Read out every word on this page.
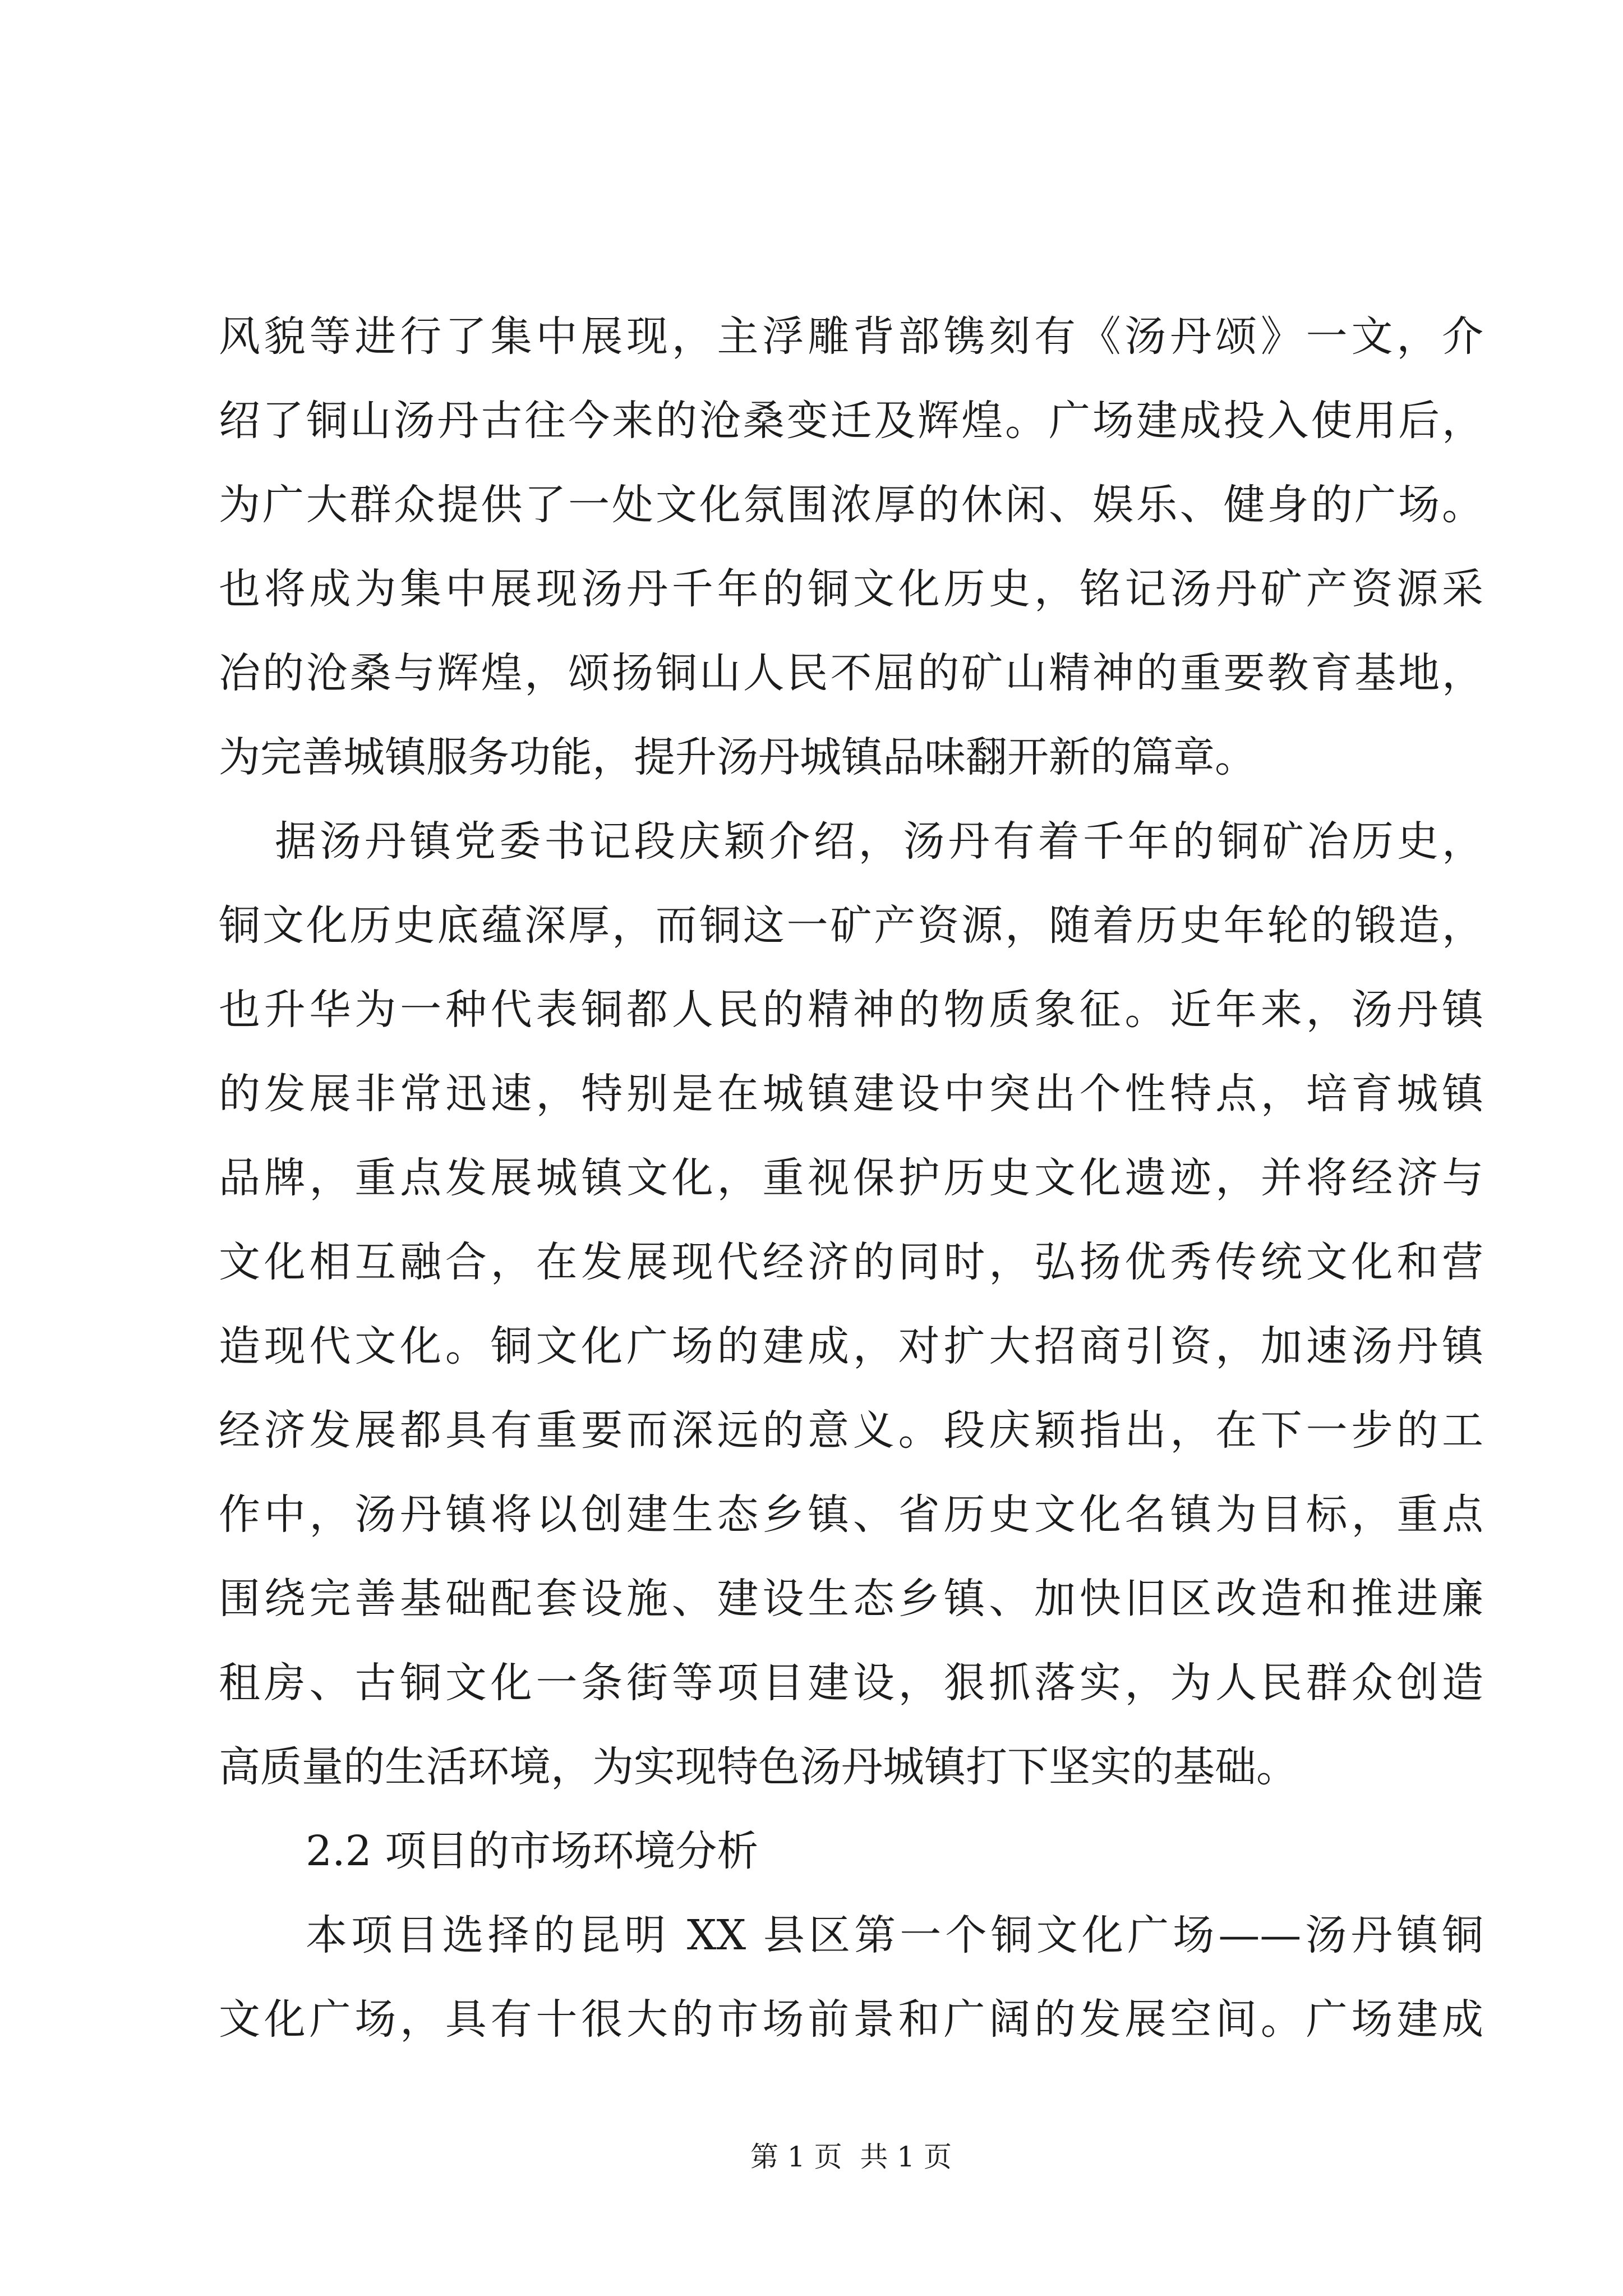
风貌等进行了集中展现，主浮雕背部镌刻有《汤丹颂》一文，介
绍了铜山汤丹古往今来的沧桑变迁及辉煌。广场建成投入使用后，
为广大群众提供了一处文化氛围浓厚的休闲、娱乐、健身的广场。
也将成为集中展现汤丹千年的铜文化历史，铭记汤丹矿产资源采
冶的沧桑与辉煌，颂扬铜山人民不屈的矿山精神的重要教育基地，
为完善城镇服务功能，提升汤丹城镇品味翻开新的篇章。
据汤丹镇党委书记段庆颖介绍，汤丹有着千年的铜矿冶历史，
铜文化历史底蕴深厚，而铜这一矿产资源，随着历史年轮的锻造，
也升华为一种代表铜都人民的精神的物质象征。近年来，汤丹镇
的发展非常迅速，特别是在城镇建设中突出个性特点，培育城镇
品牌，重点发展城镇文化，重视保护历史文化遗迹，并将经济与
文化相互融合，在发展现代经济的同时，弘扬优秀传统文化和营
造现代文化。铜文化广场的建成，对扩大招商引资，加速汤丹镇
经济发展都具有重要而深远的意义。段庆颖指出，在下一步的工
作中，汤丹镇将以创建生态乡镇、省历史文化名镇为目标，重点
围绕完善基础配套设施、建设生态乡镇、加快旧区改造和推进廉
租房、古铜文化一条街等项目建设，狠抓落实，为人民群众创造
高质量的生活环境，为实现特色汤丹城镇打下坚实的基础。
2.2 项目的市场环境分析
本项目选择的昆明 XX 县区第一个铜文化广场——汤丹镇铜
文化广场，具有十很大的市场前景和广阔的发展空间。广场建成
第 1 页  共 1 页
